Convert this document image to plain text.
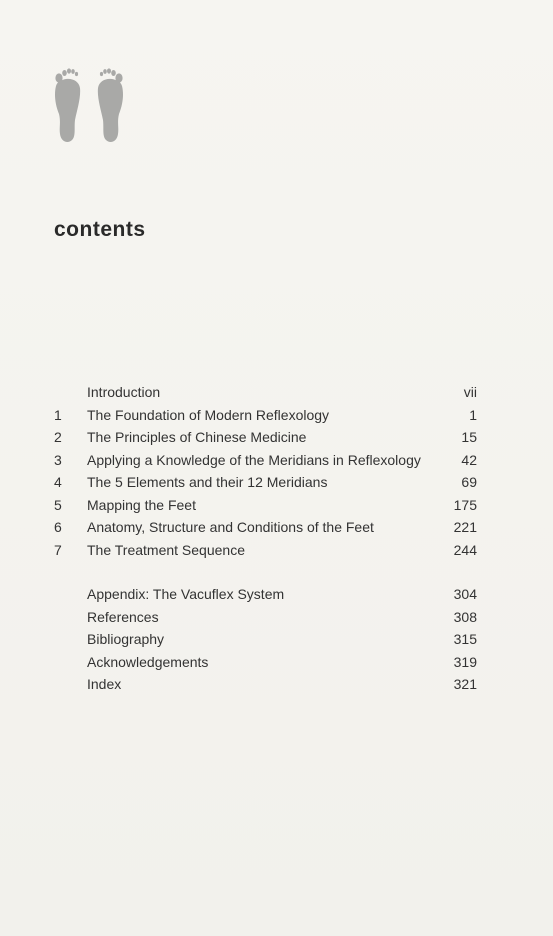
contents
Introduction	vii
1	The Foundation of Modern Reflexology	1
2	The Principles of Chinese Medicine	15
3	Applying a Knowledge of the Meridians in Reflexology	42
4	The 5 Elements and their 12 Meridians	69
5	Mapping the Feet	175
6	Anatomy, Structure and Conditions of the Feet	221
7	The Treatment Sequence	244
Appendix: The Vacuflex System	304
References	308
Bibliography	315
Acknowledgements	319
Index	321
